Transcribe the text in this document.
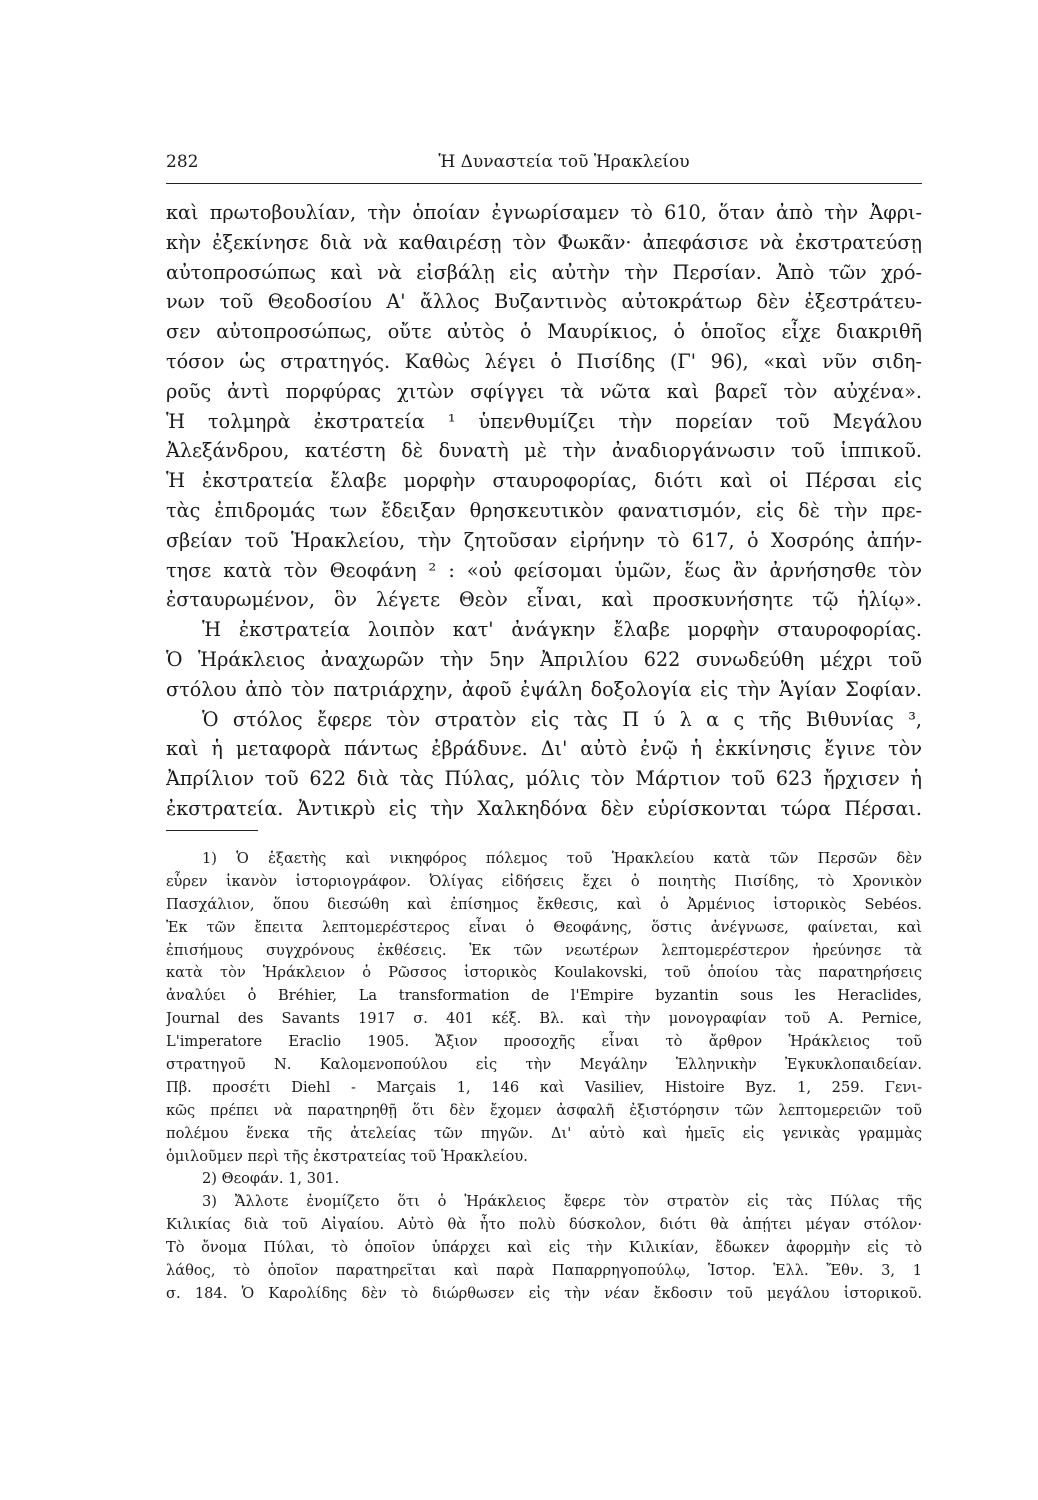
282	Ἡ Δυναστεία τοῦ Ἡρακλείου
καὶ πρωτοβουλίαν, τὴν ὁποίαν ἐγνωρίσαμεν τὸ 610, ὅταν ἀπὸ τὴν Ἀφρι-
κὴν ἐξεκίνησε διὰ νὰ καθαιρέσῃ τὸν Φωκᾶν· ἀπεφάσισε νὰ ἐκστρατεύσῃ
αὐτοπροσώπως καὶ νὰ εἰσβάλῃ εἰς αὐτὴν τὴν Περσίαν. Ἀπὸ τῶν χρό-
νων τοῦ Θεοδοσίου Α' ἄλλος Βυζαντινὸς αὐτοκράτωρ δὲν ἐξεστράτευ-
σεν αὐτοπροσώπως, οὔτε αὐτὸς ὁ Μαυρίκιος, ὁ ὁποῖος εἶχε διακριθῆ
τόσον ὡς στρατηγός. Καθὼς λέγει ὁ Πισίδης (Γ' 96), «καὶ νῦν σιδη-
ροῦς ἀντὶ πορφύρας χιτὼν σφίγγει τὰ νῶτα καὶ βαρεῖ τὸν αὐχένα».
Ἡ τολμηρὰ ἐκστρατεία ¹ ὑπενθυμίζει τὴν πορείαν τοῦ Μεγάλου
Ἀλεξάνδρου, κατέστη δὲ δυνατὴ μὲ τὴν ἀναδιοργάνωσιν τοῦ ἱππικοῦ.
Ἡ ἐκστρατεία ἔλαβε μορφὴν σταυροφορίας, διότι καὶ οἱ Πέρσαι εἰς
τὰς ἐπιδρομάς των ἔδειξαν θρησκευτικὸν φανατισμόν, εἰς δὲ τὴν πρε-
σβείαν τοῦ Ἡρακλείου, τὴν ζητοῦσαν εἰρήνην τὸ 617, ὁ Χοσρόης ἀπήν-
τησε κατὰ τὸν Θεοφάνη ² : «οὐ φείσομαι ὑμῶν, ἕως ἂν ἀρνήσησθε τὸν
ἐσταυρωμένον, ὃν λέγετε Θεὸν εἶναι, καὶ προσκυνήσητε τῷ ἡλίῳ».
Ἡ ἐκστρατεία λοιπὸν κατ' ἀνάγκην ἔλαβε μορφὴν σταυροφορίας.
Ὁ Ἡράκλειος ἀναχωρῶν τὴν 5ην Ἀπριλίου 622 συνωδεύθη μέχρι τοῦ
στόλου ἀπὸ τὸν πατριάρχην, ἀφοῦ ἐψάλη δοξολογία εἰς τὴν Ἁγίαν Σοφίαν.
Ὁ στόλος ἔφερε τὸν στρατὸν εἰς τὰς Π ύ λ α ς τῆς Βιθυνίας ³,
καὶ ἡ μεταφορὰ πάντως ἐβράδυνε. Δι' αὐτὸ ἐνῷ ἡ ἐκκίνησις ἔγινε τὸν
Ἀπρίλιον τοῦ 622 διὰ τὰς Πύλας, μόλις τὸν Μάρτιον τοῦ 623 ἤρχισεν ἡ
ἐκστρατεία. Ἀντικρὺ εἰς τὴν Χαλκηδόνα δὲν εὑρίσκονται τώρα Πέρσαι.
1) Ὁ ἑξαετὴς καὶ νικηφόρος πόλεμος τοῦ Ἡρακλείου κατὰ τῶν Περσῶν δὲν
εὗρεν ἱκανὸν ἱστοριογράφον. Ὀλίγας εἰδήσεις ἔχει ὁ ποιητὴς Πισίδης, τὸ Χρονικὸν
Πασχάλιον, ὅπου διεσώθη καὶ ἐπίσημος ἔκθεσις, καὶ ὁ Ἀρμένιος ἱστορικὸς Sebéos.
Ἐκ τῶν ἔπειτα λεπτομερέστερος εἶναι ὁ Θεοφάνης, ὅστις ἀνέγνωσε, φαίνεται, καὶ
ἐπισήμους συγχρόνους ἐκθέσεις. Ἐκ τῶν νεωτέρων λεπτομερέστερον ἠρεύνησε τὰ
κατὰ τὸν Ἡράκλειον ὁ Ρῶσσος ἱστορικὸς Koulakovski, τοῦ ὁποίου τὰς παρατηρήσεις
ἀναλύει ὁ Bréhier, La transformation de l'Empire byzantin sous les Heraclides,
Journal des Savants 1917 σ. 401 κέξ. Βλ. καὶ τὴν μονογραφίαν τοῦ A. Pernice,
L'imperatore Eraclio 1905. Ἄξιον προσοχῆς εἶναι τὸ ἄρθρον Ἡράκλειος τοῦ
στρατηγοῦ Ν. Καλομενοπούλου εἰς τὴν Μεγάλην Ἑλληνικὴν Ἐγκυκλοπαιδείαν.
Πβ. προσέτι Diehl - Marçais 1, 146 καὶ Vasiliev, Histoire Byz. 1, 259. Γενι-
κῶς πρέπει νὰ παρατηρηθῇ ὅτι δὲν ἔχομεν ἀσφαλῆ ἐξιστόρησιν τῶν λεπτομερειῶν τοῦ
πολέμου ἕνεκα τῆς ἀτελείας τῶν πηγῶν. Δι' αὐτὸ καὶ ἡμεῖς εἰς γενικὰς γραμμὰς
ὁμιλοῦμεν περὶ τῆς ἐκστρατείας τοῦ Ἡρακλείου.
2) Θεοφάν. 1, 301.
3) Ἄλλοτε ἐνομίζετο ὅτι ὁ Ἡράκλειος ἔφερε τὸν στρατὸν εἰς τὰς Πύλας τῆς
Κιλικίας διὰ τοῦ Αἰγαίου. Αὐτὸ θὰ ἦτο πολὺ δύσκολον, διότι θὰ ἀπῄτει μέγαν στόλον·
Τὸ ὄνομα Πύλαι, τὸ ὁποῖον ὑπάρχει καὶ εἰς τὴν Κιλικίαν, ἔδωκεν ἀφορμὴν εἰς τὸ
λάθος, τὸ ὁποῖον παρατηρεῖται καὶ παρὰ Παπαρρηγοπούλῳ, Ἱστορ. Ἑλλ. Ἔθν. 3, 1
σ. 184. Ὁ Καρολίδης δὲν τὸ διώρθωσεν εἰς τὴν νέαν ἔκδοσιν τοῦ μεγάλου ἱστορικοῦ.
